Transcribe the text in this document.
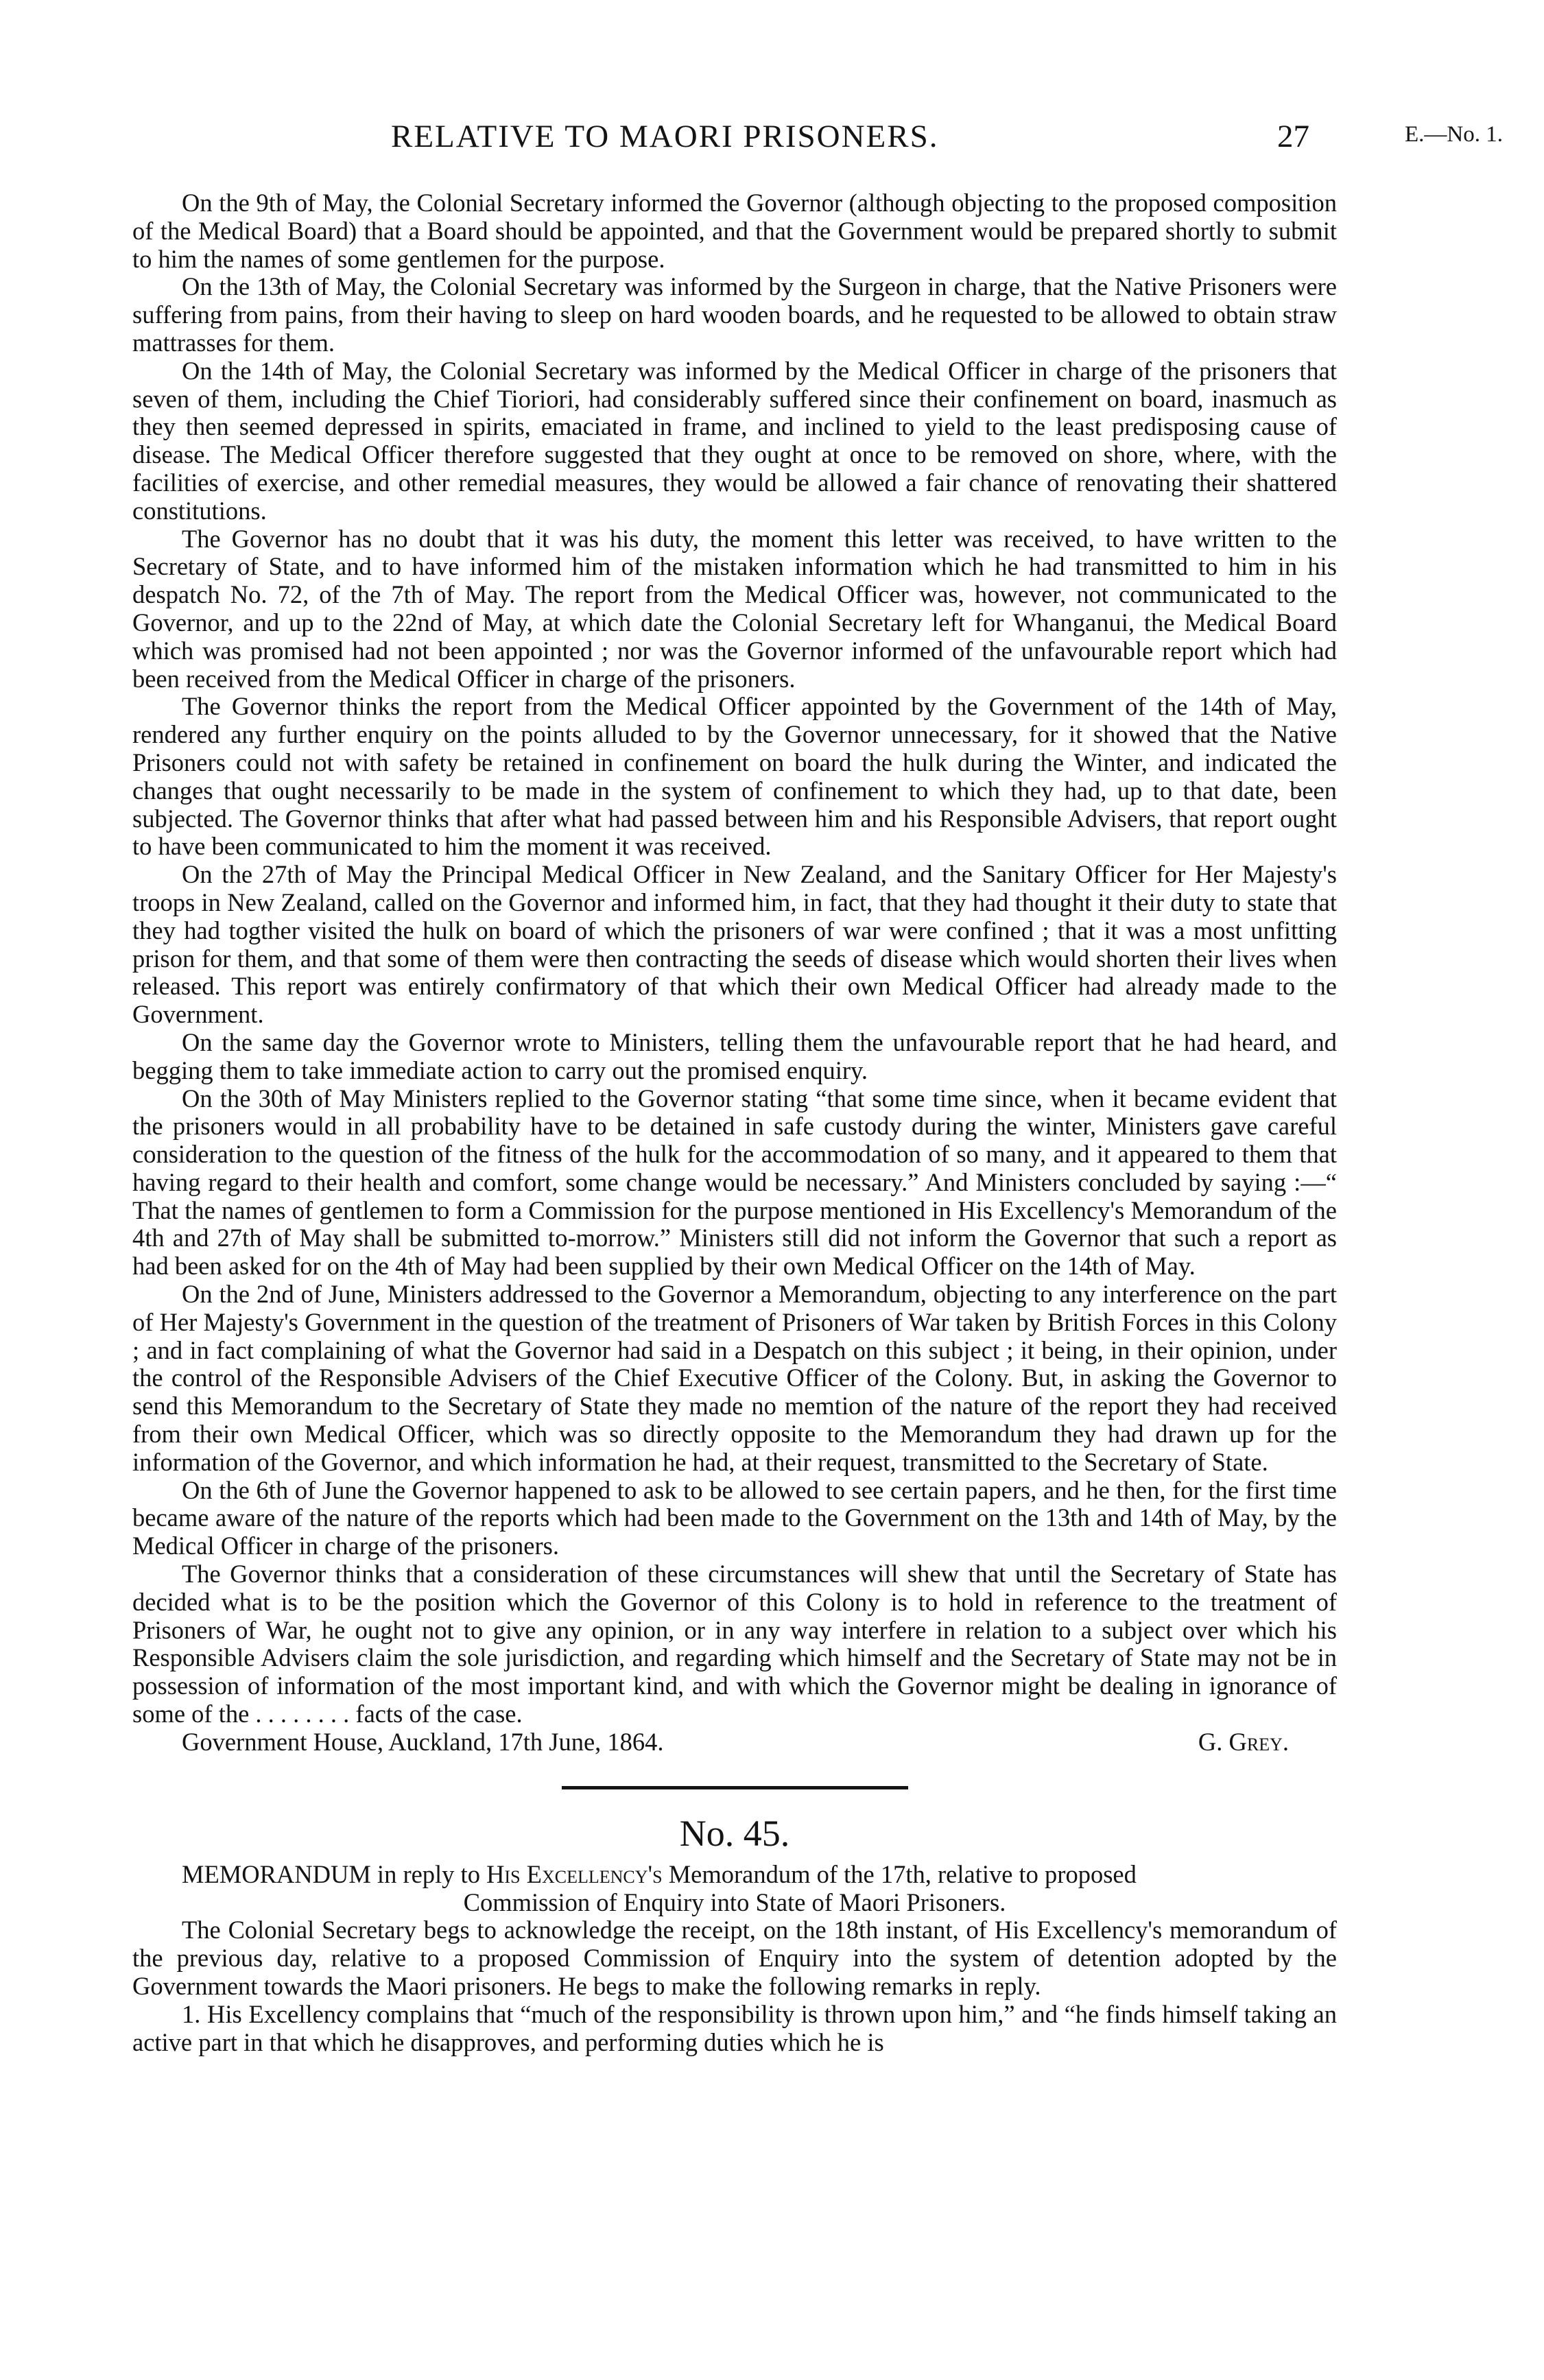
RELATIVE TO MAORI PRISONERS.	27	E.—No. 1.

On the 9th of May, the Colonial Secretary informed the Governor (although objecting to the proposed composition of the Medical Board) that a Board should be appointed, and that the Government would be prepared shortly to submit to him the names of some gentlemen for the purpose.

On the 13th of May, the Colonial Secretary was informed by the Surgeon in charge, that the Native Prisoners were suffering from pains, from their having to sleep on hard wooden boards, and he requested to be allowed to obtain straw mattrasses for them.

On the 14th of May, the Colonial Secretary was informed by the Medical Officer in charge of the prisoners that seven of them, including the Chief Tioriori, had considerably suffered since their confinement on board, inasmuch as they then seemed depressed in spirits, emaciated in frame, and inclined to yield to the least predisposing cause of disease. The Medical Officer therefore suggested that they ought at once to be removed on shore, where, with the facilities of exercise, and other remedial measures, they would be allowed a fair chance of renovating their shattered constitutions.

The Governor has no doubt that it was his duty, the moment this letter was received, to have written to the Secretary of State, and to have informed him of the mistaken information which he had transmitted to him in his despatch No. 72, of the 7th of May. The report from the Medical Officer was, however, not communicated to the Governor, and up to the 22nd of May, at which date the Colonial Secretary left for Whanganui, the Medical Board which was promised had not been appointed ; nor was the Governor informed of the unfavourable report which had been received from the Medical Officer in charge of the prisoners.

The Governor thinks the report from the Medical Officer appointed by the Government of the 14th of May, rendered any further enquiry on the points alluded to by the Governor unnecessary, for it showed that the Native Prisoners could not with safety be retained in confinement on board the hulk during the Winter, and indicated the changes that ought necessarily to be made in the system of confinement to which they had, up to that date, been subjected. The Governor thinks that after what had passed between him and his Responsible Advisers, that report ought to have been communicated to him the moment it was received.

On the 27th of May the Principal Medical Officer in New Zealand, and the Sanitary Officer for Her Majesty's troops in New Zealand, called on the Governor and informed him, in fact, that they had thought it their duty to state that they had togther visited the hulk on board of which the prisoners of war were confined ; that it was a most unfitting prison for them, and that some of them were then contracting the seeds of disease which would shorten their lives when released. This report was entirely confirmatory of that which their own Medical Officer had already made to the Government.

On the same day the Governor wrote to Ministers, telling them the unfavourable report that he had heard, and begging them to take immediate action to carry out the promised enquiry.

On the 30th of May Ministers replied to the Governor stating “that some time since, when it became evident that the prisoners would in all probability have to be detained in safe custody during the winter, Ministers gave careful consideration to the question of the fitness of the hulk for the accommodation of so many, and it appeared to them that having regard to their health and comfort, some change would be necessary.” And Ministers concluded by saying :—“ That the names of gentlemen to form a Commission for the purpose mentioned in His Excellency's Memorandum of the 4th and 27th of May shall be submitted to-morrow.” Ministers still did not inform the Governor that such a report as had been asked for on the 4th of May had been supplied by their own Medical Officer on the 14th of May.

On the 2nd of June, Ministers addressed to the Governor a Memorandum, objecting to any interference on the part of Her Majesty's Government in the question of the treatment of Prisoners of War taken by British Forces in this Colony ; and in fact complaining of what the Governor had said in a Despatch on this subject ; it being, in their opinion, under the control of the Responsible Advisers of the Chief Executive Officer of the Colony. But, in asking the Governor to send this Memorandum to the Secretary of State they made no memtion of the nature of the report they had received from their own Medical Officer, which was so directly opposite to the Memorandum they had drawn up for the information of the Governor, and which information he had, at their request, transmitted to the Secretary of State.

On the 6th of June the Governor happened to ask to be allowed to see certain papers, and he then, for the first time became aware of the nature of the reports which had been made to the Government on the 13th and 14th of May, by the Medical Officer in charge of the prisoners.

The Governor thinks that a consideration of these circumstances will shew that until the Secretary of State has decided what is to be the position which the Governor of this Colony is to hold in reference to the treatment of Prisoners of War, he ought not to give any opinion, or in any way interfere in relation to a subject over which his Responsible Advisers claim the sole jurisdiction, and regarding which himself and the Secretary of State may not be in possession of information of the most important kind, and with which the Governor might be dealing in ignorance of some of the . . . . . . . . facts of the case.

Government House, Auckland, 17th June, 1864.	G. Grey.
No. 45.

MEMORANDUM in reply to His Excellency's Memorandum of the 17th, relative to proposed

Commission of Enquiry into State of Maori Prisoners.

The Colonial Secretary begs to acknowledge the receipt, on the 18th instant, of His Excellency's memorandum of the previous day, relative to a proposed Commission of Enquiry into the system of detention adopted by the Government towards the Maori prisoners. He begs to make the following remarks in reply.

1. His Excellency complains that “much of the responsibility is thrown upon him,” and “he finds himself taking an active part in that which he disapproves, and performing duties which he is
